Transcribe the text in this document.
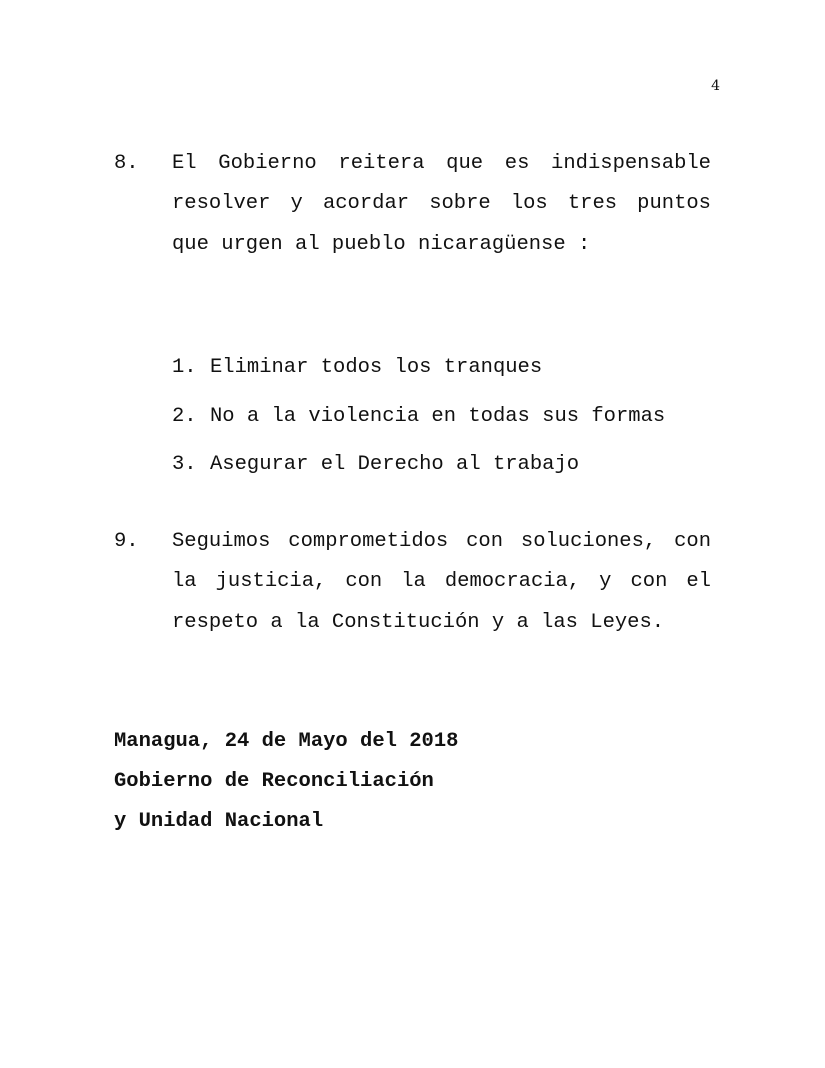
4
8. El Gobierno reitera que es indispensable resolver y acordar sobre los tres puntos que urgen al pueblo nicaragüense :
1. Eliminar todos los tranques
2. No a la violencia en todas sus formas
3. Asegurar el Derecho al trabajo
9. Seguimos comprometidos con soluciones, con la justicia, con la democracia, y con el respeto a la Constitución y a las Leyes.
Managua, 24 de Mayo del 2018
Gobierno de Reconciliación
y Unidad Nacional
